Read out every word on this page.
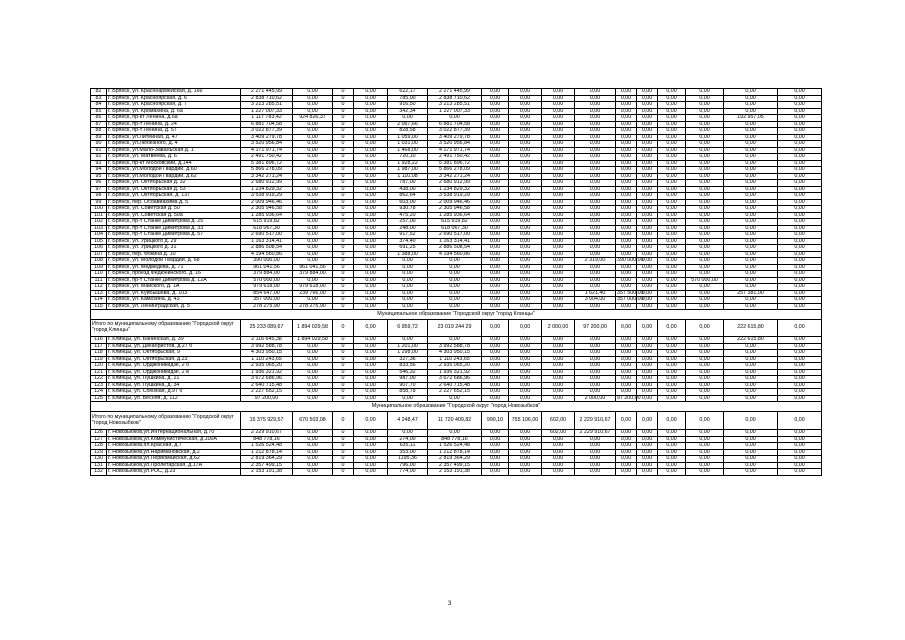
82	г. Брянск, ул. Красноармейская, д. 166	2 271 445,99	0,00	0	0,00	622,17	2 271 445,99	0,00	0,00	0,00	0,00	0,00	0,00	0,00	0,00	0,00	0,00
83	г. Брянск, ул. Красноярская, д. 6	2 838 710,62	0,00	0	0,00	785,00	2 838 710,62	0,00	0,00	0,00	0,00	0,00	0,00	0,00	0,00	0,00	0,00
84	г. Брянск, ул. Красноярская, д. 7	3 213 285,51	0,00	0	0,00	916,50	3 213 285,51	0,00	0,00	0,00	0,00	0,00	0,00	0,00	0,00	0,00	0,00
85	г. Брянск, ул. Кромахина, д. 6а	1 227 007,33	0,00	0	0,00	342,34	1 227 007,33	0,00	0,00	0,00	0,00	0,00	0,00	0,00	0,00	0,00	0,00
86	г. Брянск, пр-кт Ленина, д.6а	1 117 783,42	924 826,37	0	0,00	0,00	0,00	0,00	0,00	0,00	0,00	0,00	0,00	0,00	0,00	192 957,05	0,00
87	г. Брянск, пр-т Ленина, д. 24	6 881 704,58	0,00	0	0,00	2 067,66	6 881 704,58	0,00	0,00	0,00	0,00	0,00	0,00	0,00	0,00	0,00	0,00
88	г. Брянск, пр-т Ленина, д. 57	3 022 877,39	0,00	0	0,00	828,58	3 022 877,39	0,00	0,00	0,00	0,00	0,00	0,00	0,00	0,00	0,00	0,00
89	г. Брянск, ул.Литейная, д. 47	3 409 279,78	0,00	0	0,00	1 059,00	3 409 279,78	0,00	0,00	0,00	0,00	0,00	0,00	0,00	0,00	0,00	0,00
90	г. Брянск, ул.Любезного, д. 4	3 520 956,84	0,00	0	0,00	1 031,00	3 520 956,84	0,00	0,00	0,00	0,00	0,00	0,00	0,00	0,00	0,00	0,00
91	г. Брянск, ул.Мало-Завальская д. 1	4 171 971,74	0,00	0	0,00	1 468,00	4 171 971,74	0,00	0,00	0,00	0,00	0,00	0,00	0,00	0,00	0,00	0,00
92	г. Брянск, ул. Матвеева, д. 6	2 491 750,42	0,00	0	0,00	720,10	2 491 750,42	0,00	0,00	0,00	0,00	0,00	0,00	0,00	0,00	0,00	0,00
93	г. Брянск, пр-кт Московский, д.144	5 381 896,72	0,00	0	0,00	1 928,22	5 381 896,72	0,00	0,00	0,00	0,00	0,00	0,00	0,00	0,00	0,00	0,00
94	г. Брянск, ул.Молодой Гвардии, д.60	5 866 278,09	0,00	0	0,00	1 987,00	5 866 278,09	0,00	0,00	0,00	0,00	0,00	0,00	0,00	0,00	0,00	0,00
95	г. Брянск, ул.Молодой Гвардии, д.62	3 342 271,24	0,00	0	0,00	1 110,08	3 342 271,24	0,00	0,00	0,00	0,00	0,00	0,00	0,00	0,00	0,00	0,00
96	г. Брянск, ул. Октябрьская д. 32	2 680 912,99	0,00	0	0,00	787,00	2 680 912,99	0,00	0,00	0,00	0,00	0,00	0,00	0,00	0,00	0,00	0,00
97	г. Брянск, ул. Октябрьская д. 53	1 234 829,32	0,00	0	0,00	438,00	1 234 829,32	0,00	0,00	0,00	0,00	0,00	0,00	0,00	0,00	0,00	0,00
98	г. Брянск, ул. Октябрьская, д. 137	3 538 919,29	0,00	0	0,00	862,64	3 538 919,29	0,00	0,00	0,00	0,00	0,00	0,00	0,00	0,00	0,00	0,00
99	г. Брянск, пер. Осоавиахима д. 5	2 009 946,46	0,00	0	0,00	603,00	2 009 946,46	0,00	0,00	0,00	0,00	0,00	0,00	0,00	0,00	0,00	0,00
100	г. Брянск, ул. Советская д. 50	2 305 946,58	0,00	0	0,00	930,78	2 305 946,58	0,00	0,00	0,00	0,00	0,00	0,00	0,00	0,00	0,00	0,00
101	г. Брянск, ул. Советская д. 50а	1 285 936,64	0,00	0	0,00	475,20	1 285 936,64	0,00	0,00	0,00	0,00	0,00	0,00	0,00	0,00	0,00	0,00
102	г. Брянск, пр-т Станке Димитрова д. 25	615 919,82	0,00	0	0,00	257,00	615 919,82	0,00	0,00	0,00	0,00	0,00	0,00	0,00	0,00	0,00	0,00
103	г. Брянск, пр-т Станке Димитрова д. 33	618 067,30	0,00	0	0,00	248,00	618 067,30	0,00	0,00	0,00	0,00	0,00	0,00	0,00	0,00	0,00	0,00
104	г. Брянск, пр-т Станке Димитрова д. 57	2 690 517,00	0,00	0	0,00	917,52	2 690 517,00	0,00	0,00	0,00	0,00	0,00	0,00	0,00	0,00	0,00	0,00
105	г. Брянск, ул. Урицкого д. 29	1 163 314,41	0,00	0	0,00	374,40	1 163 314,41	0,00	0,00	0,00	0,00	0,00	0,00	0,00	0,00	0,00	0,00
106	г. Брянск, ул. Урицкого д. 31	2 886 508,54	0,00	0	0,00	691,25	2 886 508,54	0,00	0,00	0,00	0,00	0,00	0,00	0,00	0,00	0,00	0,00
107	г. Брянск, пер. Фокина д. 10	4 194 560,86	0,00	0	0,00	1 388,00	4 194 560,86	0,00	0,00	0,00	0,00	0,00	0,00	0,00	0,00	0,00	0,00
108	г. Брянск, ул. Молодой Гвардии, д. 68	390 000,00	0,00	0	0,00	0,00	0,00	0,00	0,00	0,00	2 319,00	390 000,00	0,00	0,00	0,00	0,00	0,00
109	г. Брянск, ул. Медведева, д. 71	961 041,56	961 041,56	0	0,00	0,00	0,00	0,00	0,00	0,00	0,00	0,00	0,00	0,00	0,00	0,00	0,00
110	г. Брянск, проезд Федюнинского, д. 16	379 884,00	379 884,00	0	0,00	0,00	0,00	0,00	0,00	0,00	0,00	0,00	0,00	0,00	0,00	0,00	0,00
111	г. Брянск, пр-т Станке Димитрова д. 12А	570 000,00	0,00	0	0,00	0,00	0,00	0,00	0,00	0,00	0,00	0,00	0,00	0,00	570 000,00	0,00	0,00
112	г. Брянск, ул. Майского, д. 1А	979 618,00	979 618,00	0	0,00	0,00	0,00	0,00	0,00	0,00	0,00	0,00	0,00	0,00	0,00	0,00	0,00
113	г. Брянск, ул. Куйбышева, д. 103	854 647,00	239 766,00	0	0,00	0,00	0,00	0,00	0,00	0,00	1 621,40	357 500,00	0,00	0,00	0,00	257 381,00	0,00
114	г. Брянск, ул. Камозина, д. 43	357 000,00	0,00	0	0,00	0,00	0,00	0,00	0,00	0,00	3 004,00	357 000,00	0,00	0,00	0,00	0,00	0,00
115	г. Брянск, ул. Ленинградская, д. 5	278 275,90	278 275,90	0	0,00	0,00	0,00	0,00	0,00	0,00	0,00	0,00	0,00	0,00	0,00	0,00	0,00
Муниципальное образование "Городской округ "город Клинцы"																	
Итого по муниципальному образованию "Городской округ "город Клинцы"		25 233 089,67	1 894 029,58	0	0,00	6 959,72	23 019 244 29	0,00	0,00	2 000,00	97 200,00	0,00	0,00	0,00	0,00	222 615,80	0,00
116	г. Клинцы, ул. Банинская, д. 39	2 116 645,38	1 894 029,58	0	0,00	0,00	0,00	0,00	0,00	0,00	0,00	0,00	0,00	0,00	0,00	222 615,80	0,00
117	г. Клинцы, ул. Декабристов, д.27 б	3 992 588,78	0,00	0	0,00	1 201,00	3 992 588,78	0,00	0,00	0,00	0,00	0,00	0,00	0,00	0,00	0,00	0,00
118	г. Клинцы, ул. Октябрьская, 9	4 303 950,15	0,00	0	0,00	1 298,00	4 303 950,15	0,00	0,00	0,00	0,00	0,00	0,00	0,00	0,00	0,00	0,00
119	г. Клинцы, ул. Октябрьская, д.23	1 110 243,65	0,00	0	0,00	327,36	1 110 243,65	0,00	0,00	0,00	0,00	0,00	0,00	0,00	0,00	0,00	0,00
120	г. Клинцы, ул. Орджоникидзе, 2 б	2 935 065,20	0,00	0	0,00	833,56	2 935 065,20	0,00	0,00	0,00	0,00	0,00	0,00	0,00	0,00	0,00	0,00
121	г. Клинцы, ул. Орджоникидзе, 2 в	1 936 321,92	0,00	0	0,00	546,32	1 936 321,92	0,00	0,00	0,00	0,00	0,00	0,00	0,00	0,00	0,00	0,00
122	г. Клинцы, ул. Пушкина, д. 21	3 672 686,96	0,00	0	0,00	987,00	3 672 686,96	0,00	0,00	0,00	0,00	0,00	0,00	0,00	0,00	0,00	0,00
123	г. Клинцы, ул. Пушкина, д. 34	2 640 715,48	0,00	0	0,00	907,70	2 640 715,48	0,00	0,00	0,00	0,00	0,00	0,00	0,00	0,00	0,00	0,00
124	г. Клинцы, ул. Союзная, д.97 б	2 227 652,15	0,00	0	0,00	858,78	2 227 652,15	0,00	0,00	0,00	0,00	0,00	0,00	0,00	0,00	0,00	0,00
125	г. Клинцы, ул. Весняя, д. 112	97 200,00	0,00	0	0,00	0,00	0,00	0,00	0,00	0,00	2 000,00	97 200,00	0,00	0,00	0,00	0,00	0,00
Муниципальное образование "Городской округ "город Новозыбков"																	
Итого по муниципальному образованию "Городской округ "город Новозыбков"		15 375 929,57	670 503,08	0	0,00	4 248,47	11 720 409,82	990,10	755 106,00	602,00	2 229 910,67	0,00	0,00	0,00	0,00	0,00	0,00
126	г. Новозыбков,ул.Интернациональная, д.70	2 229 910,67	0,00	0	0,00	0,00	0,00	0,00	0,00	602,00	2 229 910,67	0,00	0,00	0,00	0,00	0,00	0,00
127	г. Новозыбков,ул.Коммунистическая, д.100А	848 778,16	0,00	0	0,00	274,00	848 778,16	0,00	0,00	0,00	0,00	0,00	0,00	0,00	0,00	0,00	0,00
128	г. Новозыбков,пл.Красная, д.7	1 526 524,48	0,00	0	0,00	635,11	1 526 524,48	0,00	0,00	0,00	0,00	0,00	0,00	0,00	0,00	0,00	0,00
129	г. Новозыбков,ул.Наримановская, д.2	1 212 878,14	0,00	0	0,00	353,00	1 212 878,14	0,00	0,00	0,00	0,00	0,00	0,00	0,00	0,00	0,00	0,00
130	г. Новозыбков,ул.Первомайская, д.62	2 819 364,29	0,00	0	0,00	1195,36	2 819 364,29	0,00	0,00	0,00	0,00	0,00	0,00	0,00	0,00	0,00	0,00
131	г. Новозыбков,ул.Пролетарская, д.17А	2 357 499,15	0,00	0	0,00	796,00	2 357 499,15	0,00	0,00	0,00	0,00	0,00	0,00	0,00	0,00	0,00	0,00
132	г. Новозыбков,ул.РОС, д.23	2 153 191,38	0,00	0	0,00	774,00	2 153 191,38	0,00	0,00	0,00	0,00	0,00	0,00	0,00	0,00	0,00	0,00
3
